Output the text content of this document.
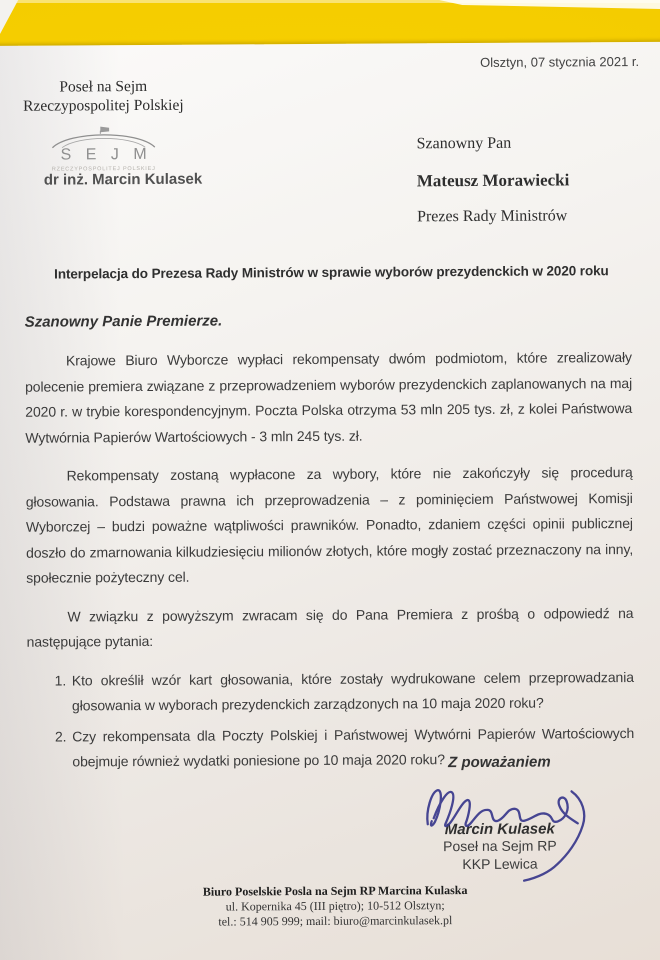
Olsztyn, 07 stycznia 2021 r.
Poseł na Sejm
Rzeczypospolitej Polskiej
S E J M
RZECZYPOSPOLITEJ POLSKIEJ
dr inż. Marcin Kulasek
Szanowny Pan
Mateusz Morawiecki
Prezes Rady Ministrów
Interpelacja do Prezesa Rady Ministrów w sprawie wyborów prezydenckich w 2020 roku
Szanowny Panie Premierze.

Krajowe Biuro Wyborcze wypłaci rekompensaty dwóm podmiotom, które zrealizowały polecenie premiera związane z przeprowadzeniem wyborów prezydenckich zaplanowanych na maj 2020 r. w trybie korespondencyjnym. Poczta Polska otrzyma 53 mln 205 tys. zł, z kolei Państwowa Wytwórnia Papierów Wartościowych - 3 mln 245 tys. zł.

Rekompensaty zostaną wypłacone za wybory, które nie zakończyły się procedurą głosowania. Podstawa prawna ich przeprowadzenia – z pominięciem Państwowej Komisji Wyborczej – budzi poważne wątpliwości prawników. Ponadto, zdaniem części opinii publicznej doszło do zmarnowania kilkudziesięciu milionów złotych, które mogły zostać przeznaczony na inny, społecznie pożyteczny cel.

W związku z powyższym zwracam się do Pana Premiera z prośbą o odpowiedź na następujące pytania:

1. Kto określił wzór kart głosowania, które zostały wydrukowane celem przeprowadzania głosowania w wyborach prezydenckich zarządzonych na 10 maja 2020 roku?
2. Czy rekompensata dla Poczty Polskiej i Państwowej Wytwórni Papierów Wartościowych obejmuje również wydatki poniesione po 10 maja 2020 roku? Z poważaniem
Marcin Kulasek
Poseł na Sejm RP
KKP Lewica
Biuro Poselskie Posla na Sejm RP Marcina Kulaska
ul. Kopernika 45 (III piętro); 10-512 Olsztyn;
tel.: 514 905 999; mail: biuro@marcinkulasek.pl
